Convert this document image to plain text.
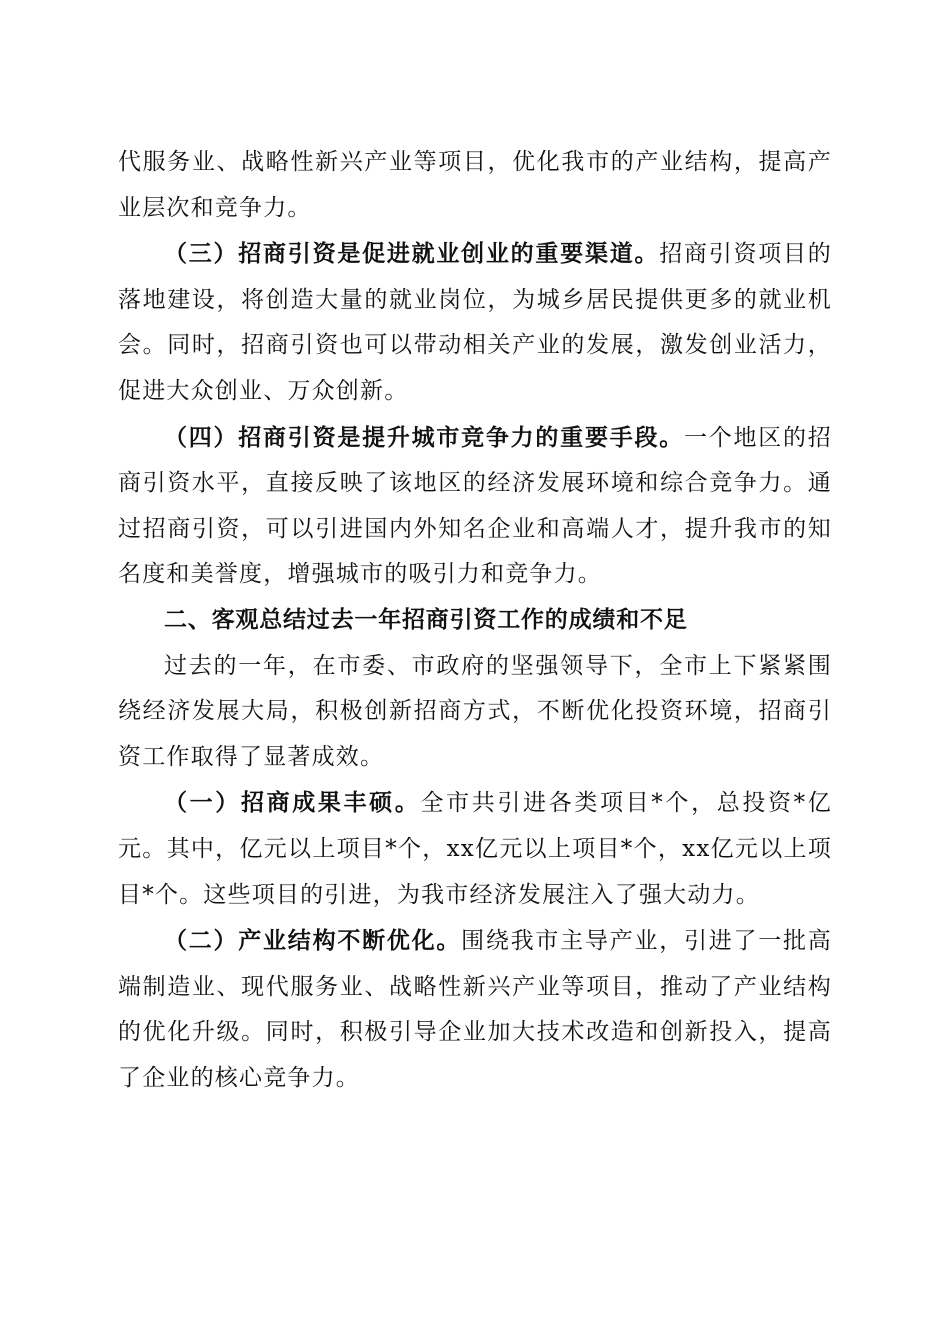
代服务业、战略性新兴产业等项目，优化我市的产业结构，提高产业层次和竞争力。

（三）招商引资是促进就业创业的重要渠道。招商引资项目的落地建设，将创造大量的就业岗位，为城乡居民提供更多的就业机会。同时，招商引资也可以带动相关产业的发展，激发创业活力，促进大众创业、万众创新。

（四）招商引资是提升城市竞争力的重要手段。一个地区的招商引资水平，直接反映了该地区的经济发展环境和综合竞争力。通过招商引资，可以引进国内外知名企业和高端人才，提升我市的知名度和美誉度，增强城市的吸引力和竞争力。

二、客观总结过去一年招商引资工作的成绩和不足

过去的一年，在市委、市政府的坚强领导下，全市上下紧紧围绕经济发展大局，积极创新招商方式，不断优化投资环境，招商引资工作取得了显著成效。

（一）招商成果丰硕。全市共引进各类项目*个，总投资*亿元。其中，亿元以上项目*个，xx亿元以上项目*个，xx亿元以上项目*个。这些项目的引进，为我市经济发展注入了强大动力。

（二）产业结构不断优化。围绕我市主导产业，引进了一批高端制造业、现代服务业、战略性新兴产业等项目，推动了产业结构的优化升级。同时，积极引导企业加大技术改造和创新投入，提高了企业的核心竞争力。
